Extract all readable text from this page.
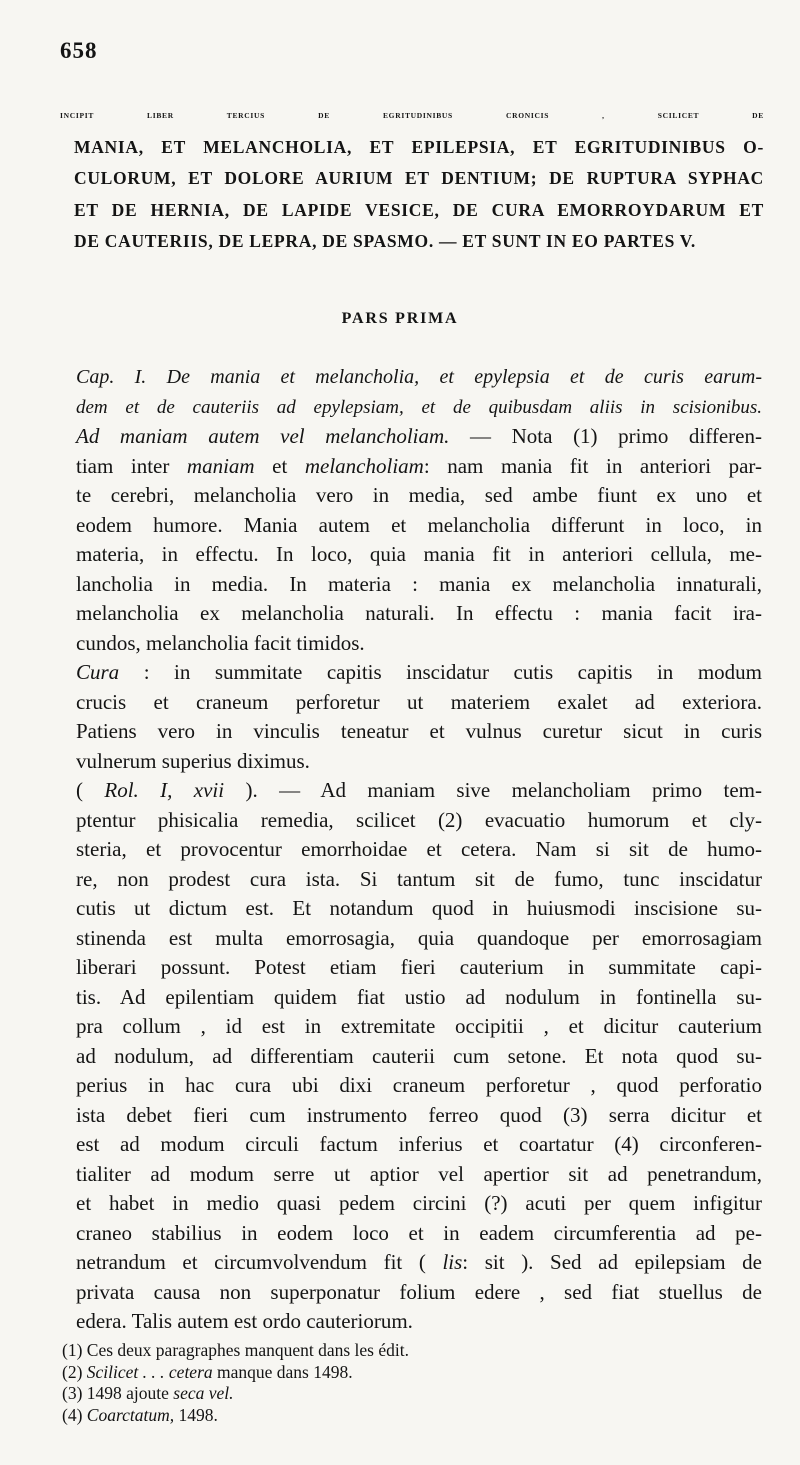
658
INCIPIT LIBER TERCIUS DE EGRITUDINIBUS CRONICIS , SCILICET DE
MANIA, ET MELANCHOLIA, ET EPILEPSIA, ET EGRITUDINIBUS O-
CULORUM, ET DOLORE AURIUM ET DENTIUM; DE RUPTURA SYPHAC
ET DE HERNIA, DE LAPIDE VESICE, DE CURA EMORROYDARUM ET
DE CAUTERIIS, DE LEPRA, DE SPASMO. — ET SUNT IN EO PARTES V.
PARS PRIMA
Cap. I. De mania et melancholia, et epylepsia et de curis earum-
dem et de cauteriis ad epylepsiam, et de quibusdam aliis in scisionibus.
Ad maniam autem vel melancholiam. — Nota (1) primo differen-
tiam inter maniam et melancholiam: nam mania fit in anteriori par-
te cerebri, melancholia vero in media, sed ambe fiunt ex uno et
eodem humore. Mania autem et melancholia differunt in loco, in
materia, in effectu. In loco, quia mania fit in anteriori cellula, me-
lancholia in media. In materia : mania ex melancholia innaturali,
melancholia ex melancholia naturali. In effectu : mania facit ira-
cundos, melancholia facit timidos.
Cura : in summitate capitis inscidatur cutis capitis in modum
crucis et craneum perforetur ut materiem exalet ad exteriora.
Patiens vero in vinculis teneatur et vulnus curetur sicut in curis
vulnerum superius diximus.
( Rol. I, xvii ). — Ad maniam sive melancholiam primo tem-
ptentur phisicalia remedia, scilicet (2) evacuatio humorum et cly-
steria, et provocentur emorrhoidae et cetera. Nam si sit de humo-
re, non prodest cura ista. Si tantum sit de fumo, tunc inscidatur
cutis ut dictum est. Et notandum quod in huiusmodi inscisione su-
stinenda est multa emorrosagia, quia quandoque per emorrosagiam
liberari possunt. Potest etiam fieri cauterium in summitate capi-
tis. Ad epilentiam quidem fiat ustio ad nodulum in fontinella su-
pra collum , id est in extremitate occipitii , et dicitur cauterium
ad nodulum, ad differentiam cauterii cum setone. Et nota quod su-
perius in hac cura ubi dixi craneum perforetur , quod perforatio
ista debet fieri cum instrumento ferreo quod (3) serra dicitur et
est ad modum circuli factum inferius et coartatur (4) circonferen-
tialiter ad modum serre ut aptior vel apertior sit ad penetrandum,
et habet in medio quasi pedem circini (?) acuti per quem infigitur
craneo stabilius in eodem loco et in eadem circumferentia ad pe-
netrandum et circumvolvendum fit ( lis: sit ). Sed ad epilepsiam de
privata causa non superponatur folium edere , sed fiat stuellus de
edera. Talis autem est ordo cauteriorum.
(1) Ces deux paragraphes manquent dans les édit.
(2) Scilicet . . . cetera manque dans 1498.
(3) 1498 ajoute seca vel.
(4) Coarctatum, 1498.
